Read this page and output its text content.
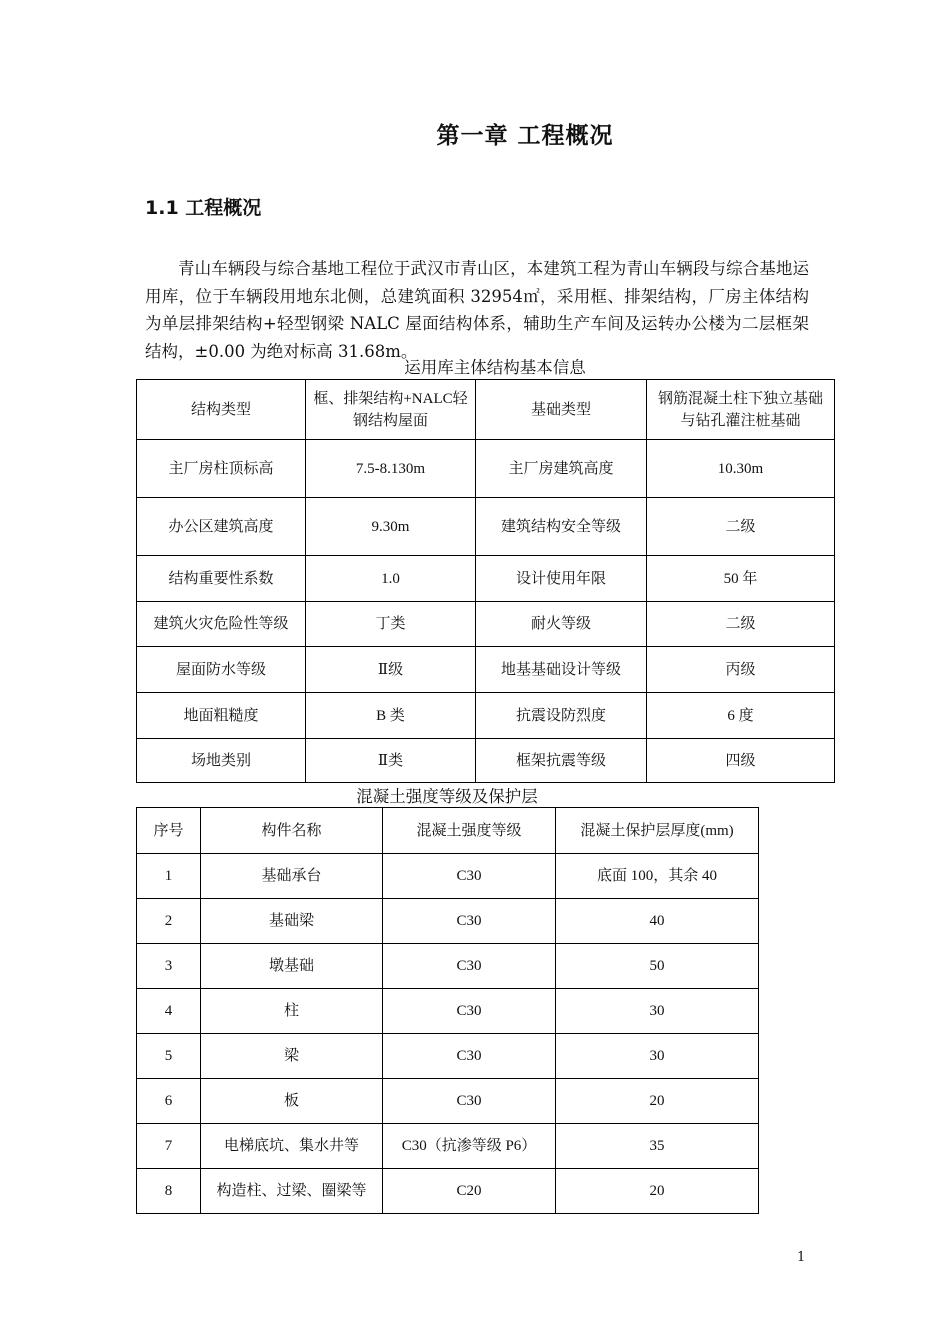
第一章 工程概况
1.1 工程概况

青山车辆段与综合基地工程位于武汉市青山区，本建筑工程为青山车辆段与综合基地运用库，位于车辆段用地东北侧，总建筑面积 32954㎡，采用框、排架结构，厂房主体结构为单层排架结构+轻型钢梁 NALC 屋面结构体系，辅助生产车间及运转办公楼为二层框架结构，±0.00 为绝对标高 31.68m。

运用库主体结构基本信息
结构类型	框、排架结构+NALC轻钢结构屋面	基础类型	钢筋混凝土柱下独立基础与钻孔灌注桩基础
主厂房柱顶标高	7.5-8.130m	主厂房建筑高度	10.30m
办公区建筑高度	9.30m	建筑结构安全等级	二级
结构重要性系数	1.0	设计使用年限	50 年
建筑火灾危险性等级	丁类	耐火等级	二级
屋面防水等级	Ⅱ级	地基基础设计等级	丙级
地面粗糙度	B 类	抗震设防烈度	6 度
场地类别	Ⅱ类	框架抗震等级	四级
混凝土强度等级及保护层
序号	构件名称	混凝土强度等级	混凝土保护层厚度(mm)
1	基础承台	C30	底面 100，其余 40
2	基础梁	C30	40
3	墩基础	C30	50
4	柱	C30	30
5	梁	C30	30
6	板	C30	20
7	电梯底坑、集水井等	C30（抗渗等级 P6）	35
8	构造柱、过梁、圈梁等	C20	20
1
